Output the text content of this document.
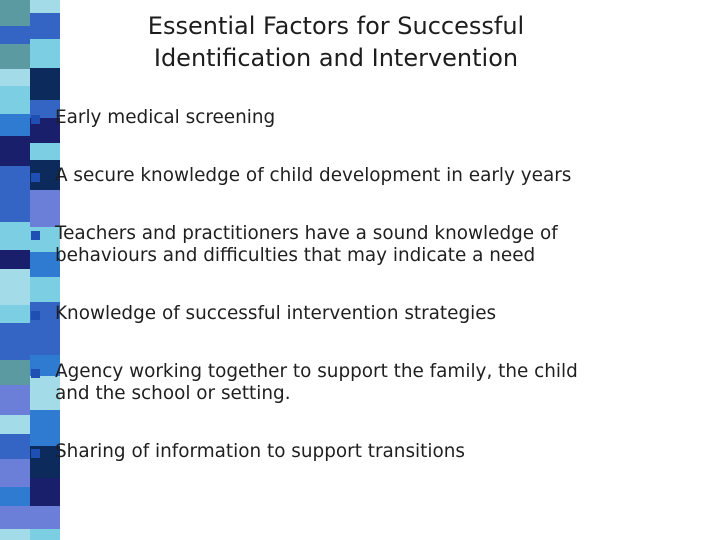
Essential Factors for Successful Identification and Intervention
Early medical screening
A secure knowledge of child development in early years
Teachers and practitioners have a sound knowledge of
behaviours and difficulties that may indicate a need
Knowledge of successful intervention strategies
Agency working together to support the family, the child
and the school or setting.
Sharing of information to support transitions
